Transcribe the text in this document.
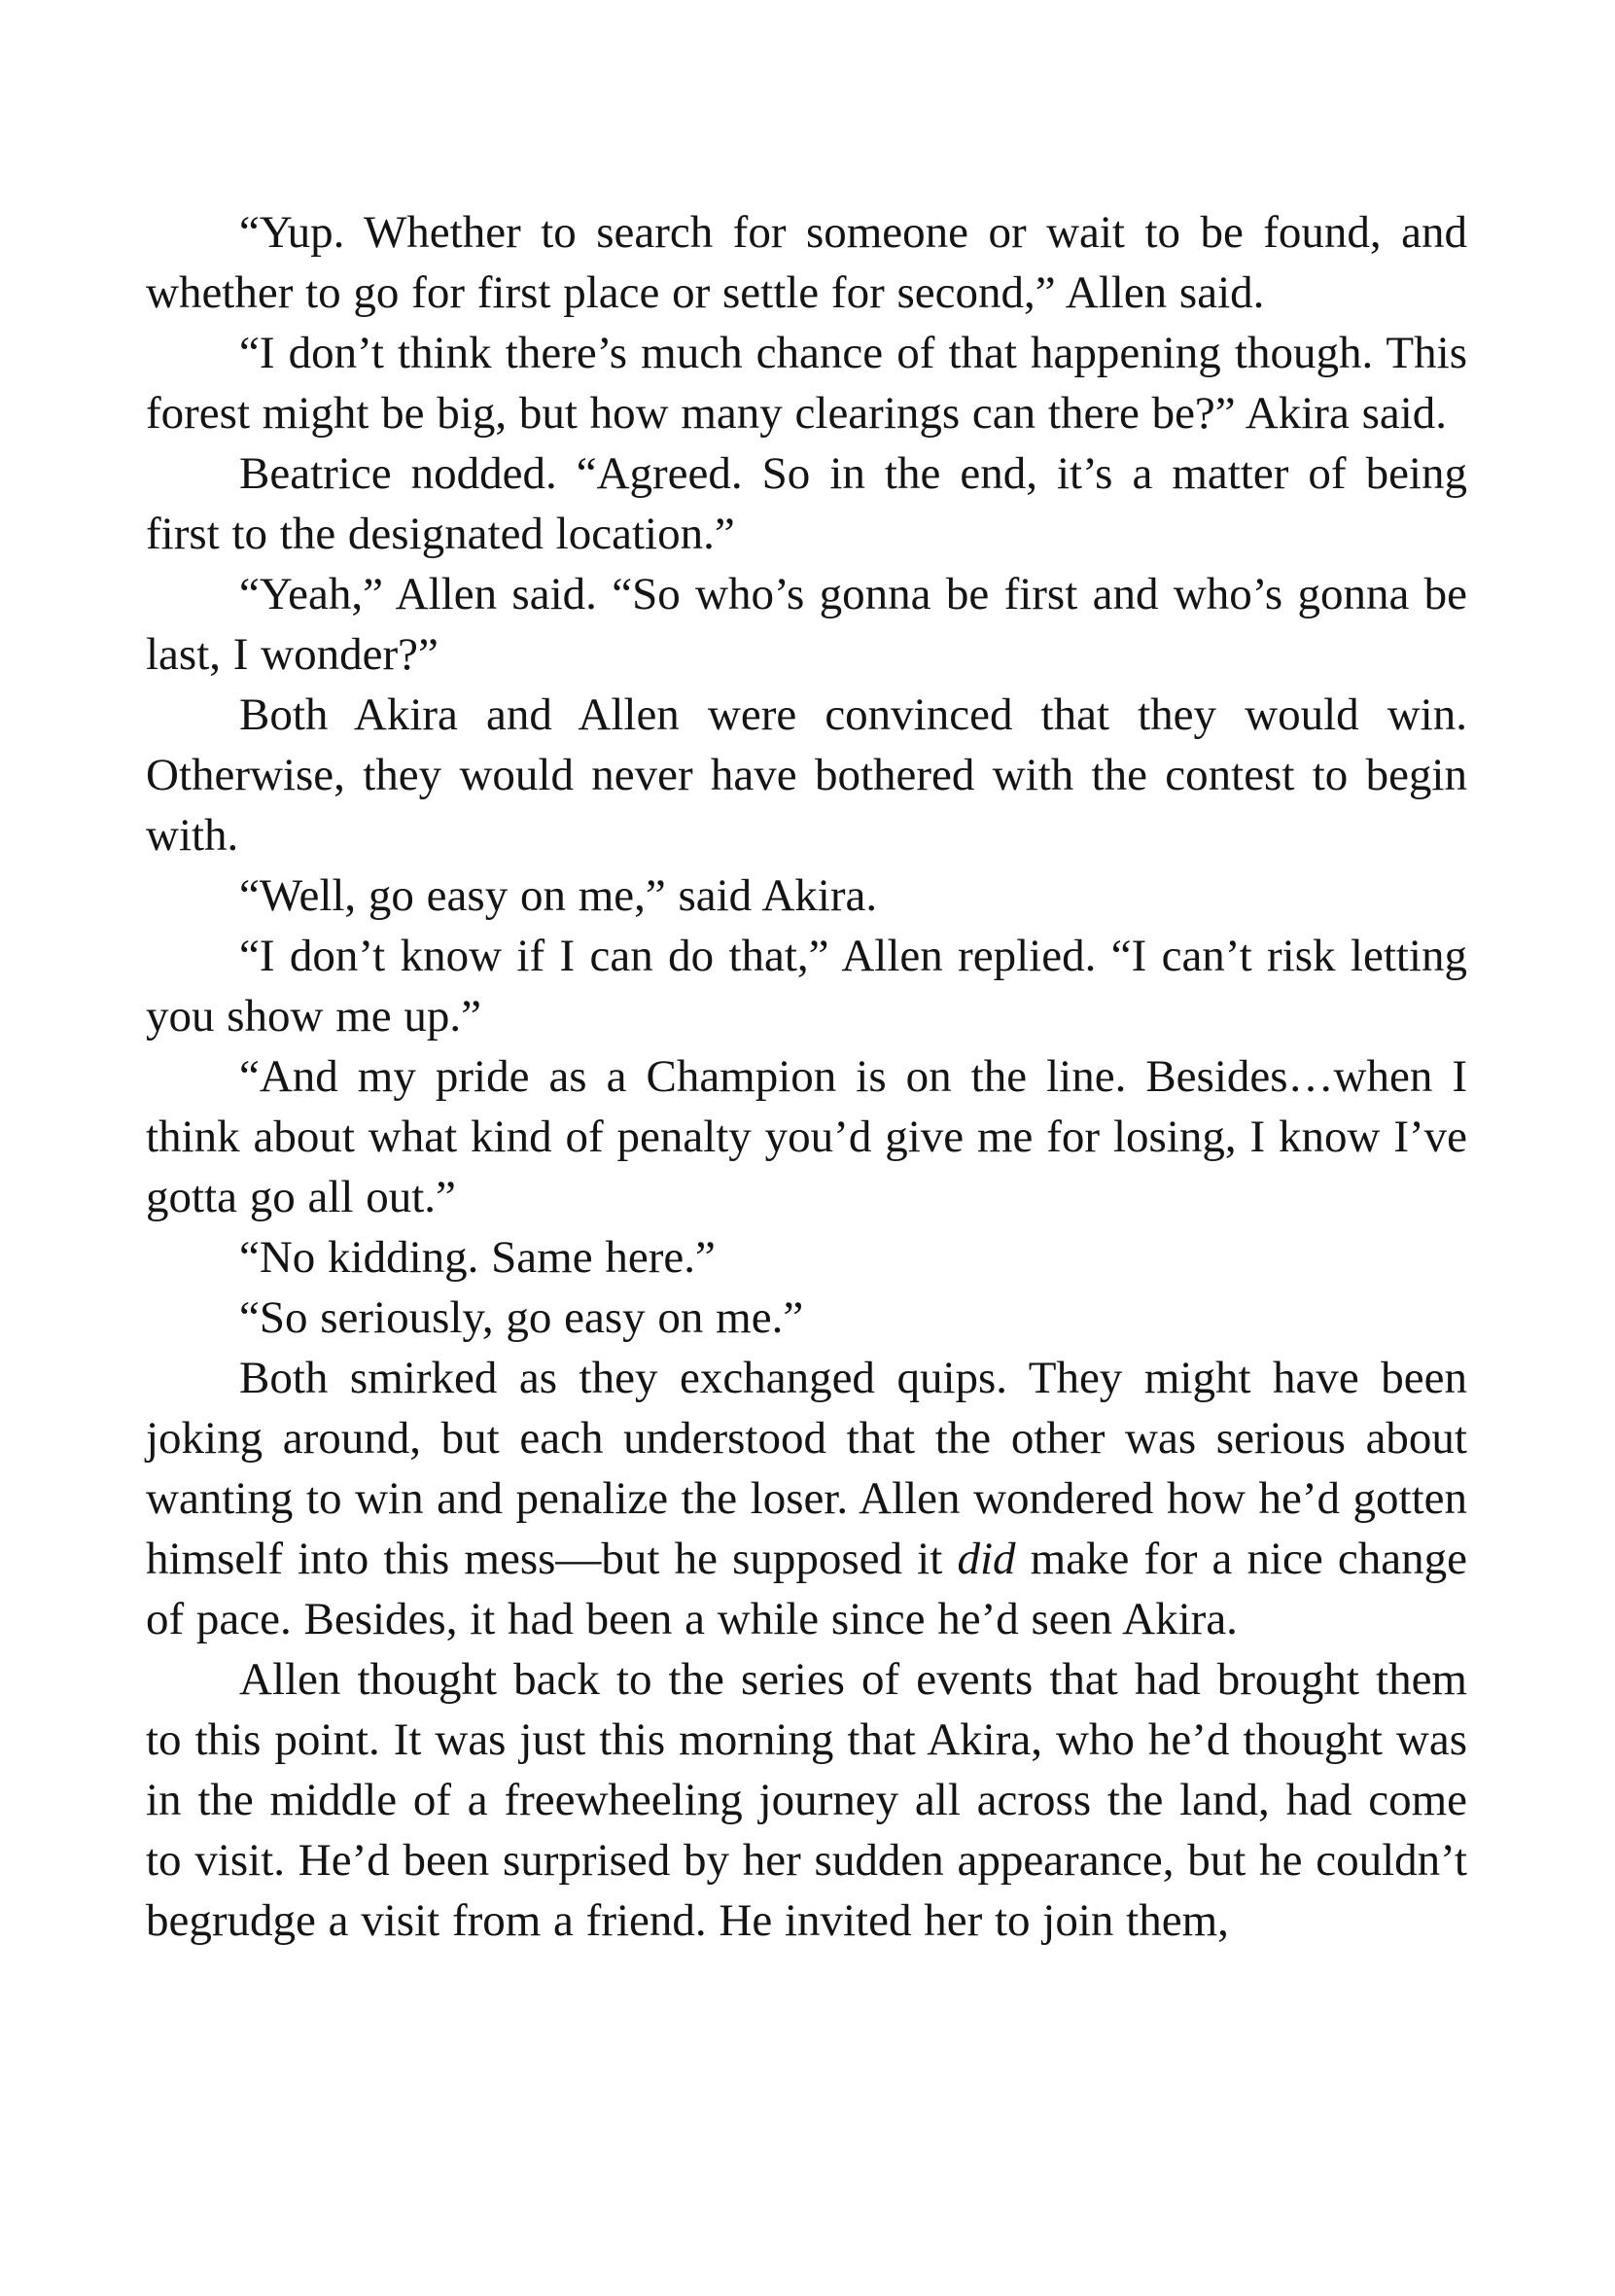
“Yup. Whether to search for someone or wait to be found, and whether to go for first place or settle for second,” Allen said.

“I don’t think there’s much chance of that happening though. This forest might be big, but how many clearings can there be?” Akira said.

Beatrice nodded. “Agreed. So in the end, it’s a matter of being first to the designated location.”

“Yeah,” Allen said. “So who’s gonna be first and who’s gonna be last, I wonder?”

Both Akira and Allen were convinced that they would win. Otherwise, they would never have bothered with the contest to begin with.

“Well, go easy on me,” said Akira.

“I don’t know if I can do that,” Allen replied. “I can’t risk letting you show me up.”

“And my pride as a Champion is on the line. Besides…when I think about what kind of penalty you’d give me for losing, I know I’ve gotta go all out.”

“No kidding. Same here.”

“So seriously, go easy on me.”

Both smirked as they exchanged quips. They might have been joking around, but each understood that the other was serious about wanting to win and penalize the loser. Allen wondered how he’d gotten himself into this mess—but he supposed it did make for a nice change of pace. Besides, it had been a while since he’d seen Akira.

Allen thought back to the series of events that had brought them to this point. It was just this morning that Akira, who he’d thought was in the middle of a freewheeling journey all across the land, had come to visit. He’d been surprised by her sudden appearance, but he couldn’t begrudge a visit from a friend. He invited her to join them,
